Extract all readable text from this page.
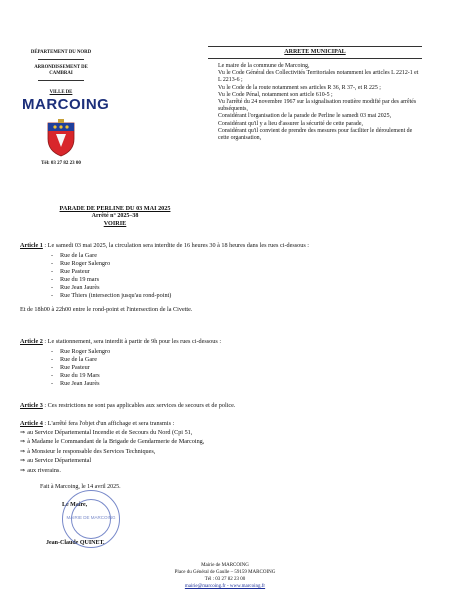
DÉPARTEMENT DU NORD
ARRONDISSEMENT DE CAMBRAI
VILLE DE
MARCOING
Tél: 03 27 82 23 00
ARRETE MUNICIPAL

Le maire de la commune de Marcoing,

Vu le Code Général des Collectivités Territoriales notamment les articles L 2212-1 et L 2213-6 ;

Vu le Code de la route notamment ses articles R 36, R 37-, et R 225 ;

Vu le Code Pénal, notamment son article 610-5 ;

Vu l'arrêté du 24 novembre 1967 sur la signalisation routière modifié par des arrêtés subséquents,

Considérant l'organisation de la parade de Perline le samedi 03 mai 2025,

Considérant qu'il y a lieu d'assurer la sécurité de cette parade,

Considérant qu'il convient de prendre des mesures pour faciliter le déroulement de cette organisation,

PARADE DE PERLINE DU 03 MAI 2025
Arrêté n° 2025–38
VOIRIE
Article 1 : Le samedi 03 mai 2025, la circulation sera interdite de 16 heures 30 à 18 heures dans les rues ci-dessous :
- Rue de la Gare
- Rue Roger Salengro
- Rue Pasteur
- Rue du 19 mars
- Rue Jean Jaurès
- Rue Thiers (intersection jusqu'au rond-point)
Et de 18h00 à 22h00 entre le rond-point et l'intersection de la Civette.
Article 2 : Le stationnement, sera interdit à partir de 9h pour les rues ci-dessous :
- Rue Roger Salengro
- Rue de la Gare
- Rue Pasteur
- Rue du 19 Mars
- Rue Jean Jaurès
Article 3 : Ces restrictions ne sont pas applicables aux services de secours et de police.
Article 4 : L'arrêté fera l'objet d'un affichage et sera transmis :
⇒ au Service Départemental Incendie et de Secours du Nord (Cpi 51,
⇒ à Madame le Commandant de la Brigade de Gendarmerie de Marcoing,
⇒ à Monsieur le responsable des Services Techniques,
⇒ au Service Départemental
⇒ aux riverains.
Fait à Marcoing, le 14 avril 2025.
Le Maire,
Jean-Claude QUINET.
MAIRIE DE MARCOING
Mairie de MARCOING
Place du Général de Gaulle – 59159 MARCOING
Tél : 03 27 82 23 00
mairie@marcoing.fr - www.marcoing.fr
